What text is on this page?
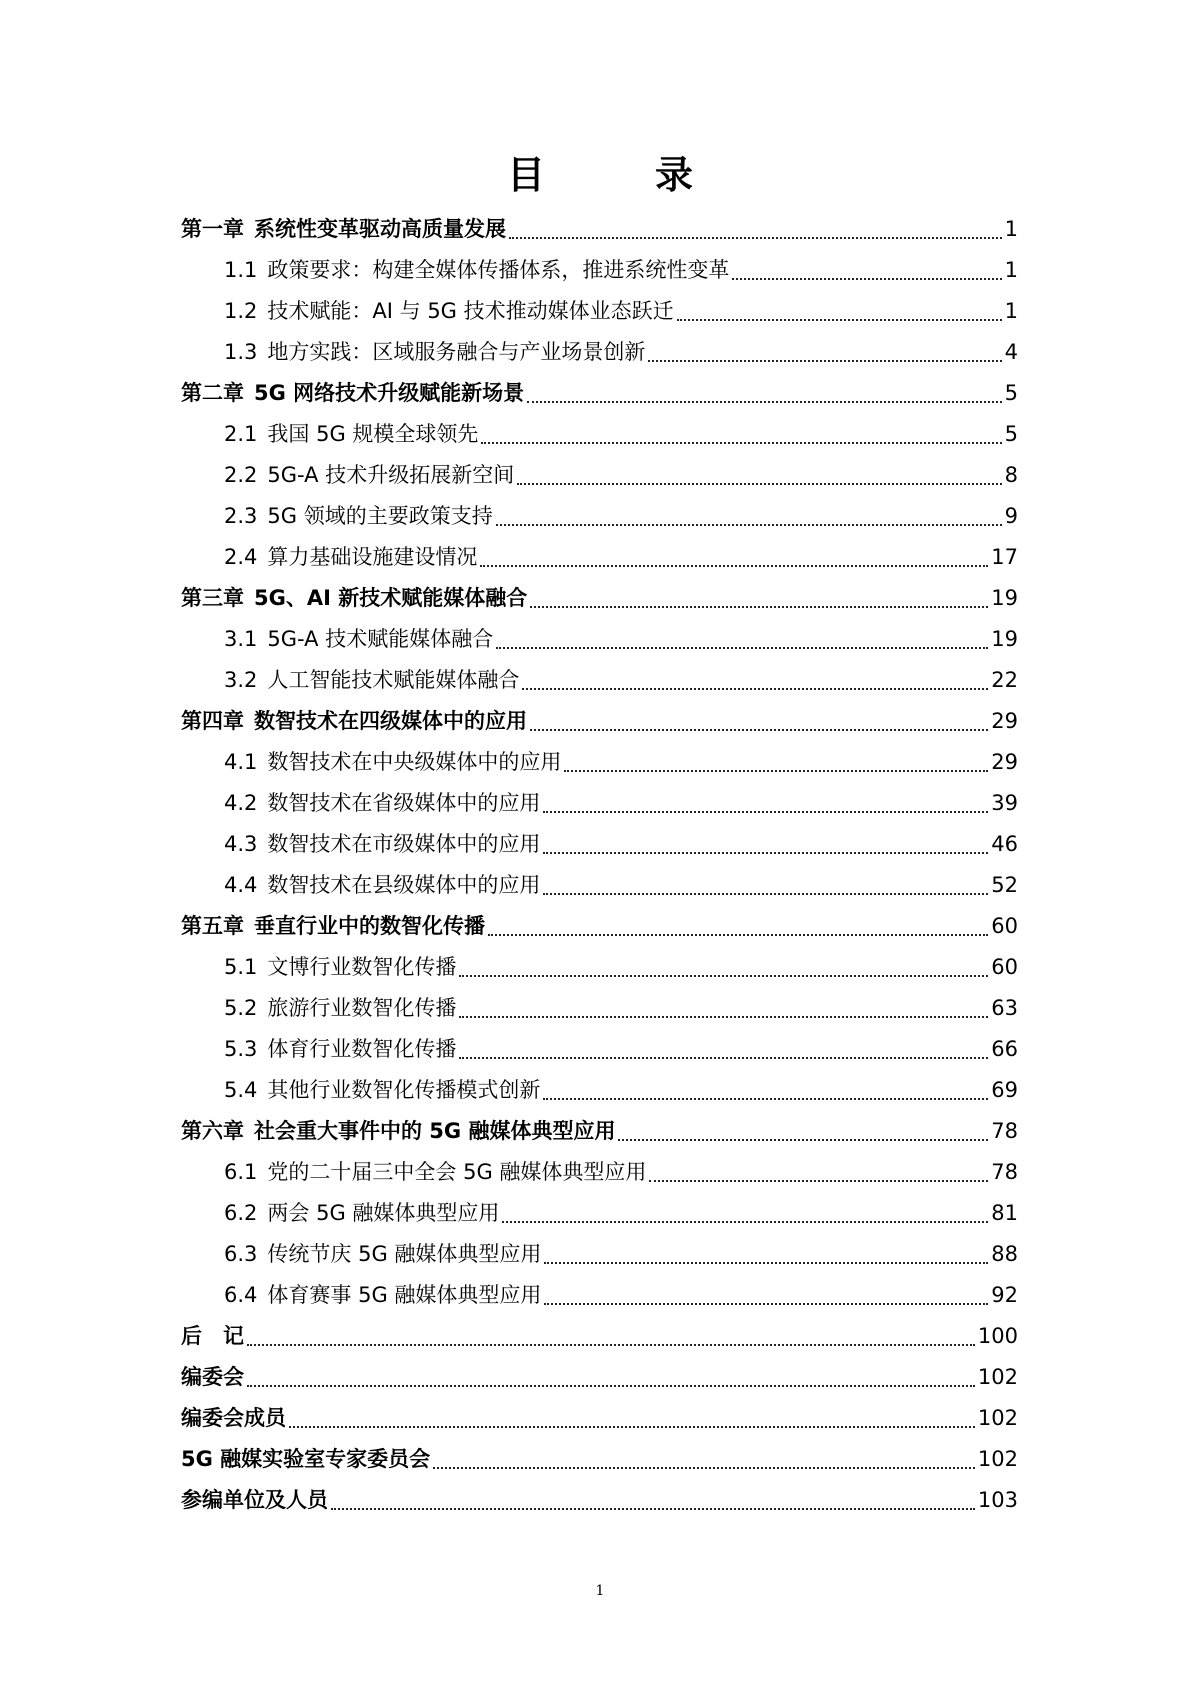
目　录
第一章 系统性变革驱动高质量发展	1
1.1 政策要求：构建全媒体传播体系，推进系统性变革	1
1.2 技术赋能：AI 与 5G 技术推动媒体业态跃迁	1
1.3 地方实践：区域服务融合与产业场景创新	4
第二章 5G 网络技术升级赋能新场景	5
2.1 我国 5G 规模全球领先	5
2.2 5G-A 技术升级拓展新空间	8
2.3 5G 领域的主要政策支持	9
2.4 算力基础设施建设情况	17
第三章 5G、AI 新技术赋能媒体融合	19
3.1 5G-A 技术赋能媒体融合	19
3.2 人工智能技术赋能媒体融合	22
第四章 数智技术在四级媒体中的应用	29
4.1 数智技术在中央级媒体中的应用	29
4.2 数智技术在省级媒体中的应用	39
4.3 数智技术在市级媒体中的应用	46
4.4 数智技术在县级媒体中的应用	52
第五章 垂直行业中的数智化传播	60
5.1 文博行业数智化传播	60
5.2 旅游行业数智化传播	63
5.3 体育行业数智化传播	66
5.4 其他行业数智化传播模式创新	69
第六章 社会重大事件中的 5G 融媒体典型应用	78
6.1 党的二十届三中全会 5G 融媒体典型应用	78
6.2 两会 5G 融媒体典型应用	81
6.3 传统节庆 5G 融媒体典型应用	88
6.4 体育赛事 5G 融媒体典型应用	92
后　记	100
编委会	102
编委会成员	102
5G 融媒实验室专家委员会	102
参编单位及人员	103
1
